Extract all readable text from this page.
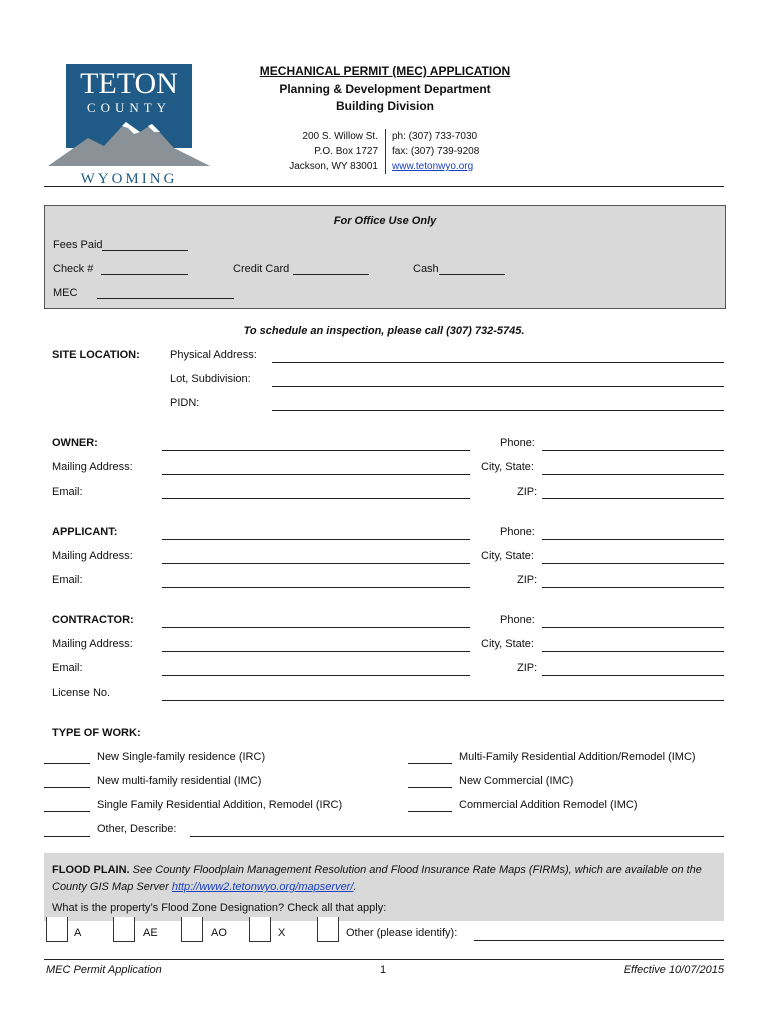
TETON
COUNTY
WYOMING
MECHANICAL PERMIT (MEC) APPLICATION
Planning & Development Department
Building Division
200 S. Willow St.
P.O. Box 1727
Jackson, WY 83001
ph: (307) 733-7030
fax: (307) 739-9208
www.tetonwyo.org
For Office Use Only
Fees Paid
Check #	Credit Card	Cash
MEC
To schedule an inspection, please call (307) 732-5745.
SITE LOCATION:	Physical Address:
Lot, Subdivision:
PIDN:
OWNER:	Phone:
Mailing Address:	City, State:
Email:	ZIP:
APPLICANT:	Phone:
Mailing Address:	City, State:
Email:	ZIP:
CONTRACTOR:	Phone:
Mailing Address:	City, State:
Email:	ZIP:
License No.
TYPE OF WORK:
New Single-family residence (IRC)
New multi-family residential (IMC)
Single Family Residential Addition, Remodel (IRC)
Multi-Family Residential Addition/Remodel (IMC)
New Commercial (IMC)
Commercial Addition Remodel (IMC)
Other, Describe:
FLOOD PLAIN. See County Floodplain Management Resolution and Flood Insurance Rate Maps (FIRMs), which are available on the
County GIS Map Server http://www2.tetonwyo.org/mapserver/.
What is the property’s Flood Zone Designation? Check all that apply:
A	AE	AO	X	Other (please identify):
MEC Permit Application	1	Effective 10/07/2015
